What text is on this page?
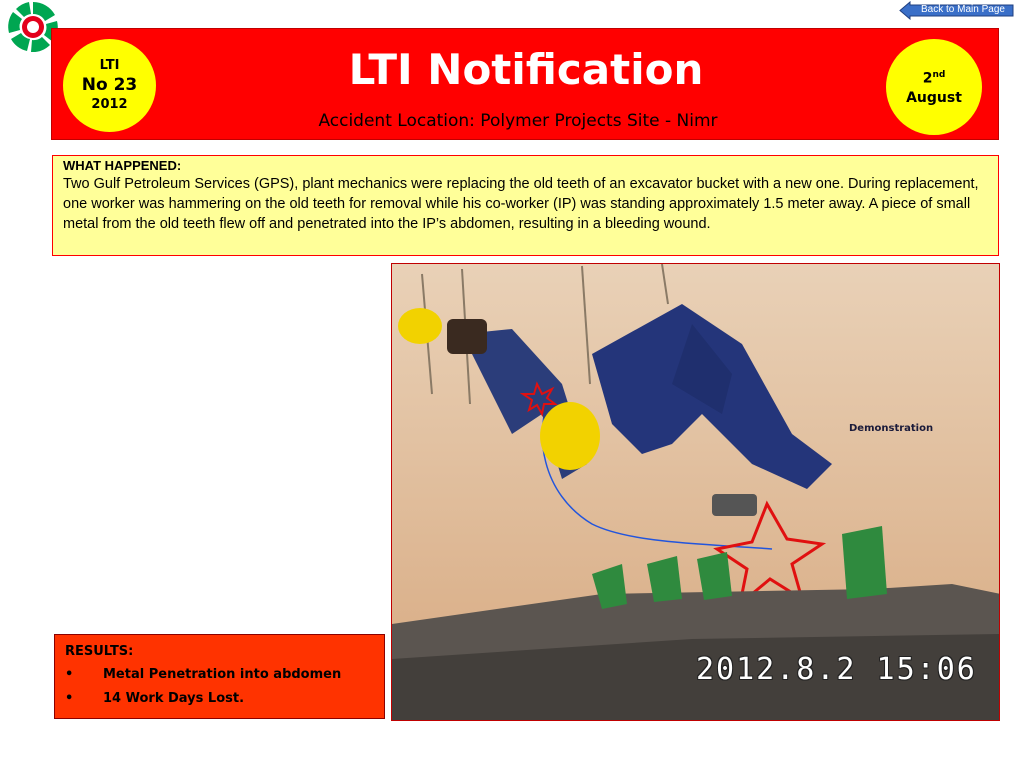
Back to Main Page
LTI
No 23
2012
LTI Notification
Accident Location: Polymer Projects Site - Nimr
2nd
August
WHAT HAPPENED:
Two Gulf Petroleum Services (GPS), plant mechanics were replacing the old teeth of an excavator bucket with a new one. During replacement, one worker was hammering on the old teeth for removal while his co-worker (IP) was standing approximately 1.5 meter away. A piece of small metal from the old teeth flew off and penetrated into the IP’s abdomen, resulting in a bleeding wound.
Demonstration
2012.8.2 15:06
RESULTS:
• Metal Penetration into abdomen
• 14 Work Days Lost.
